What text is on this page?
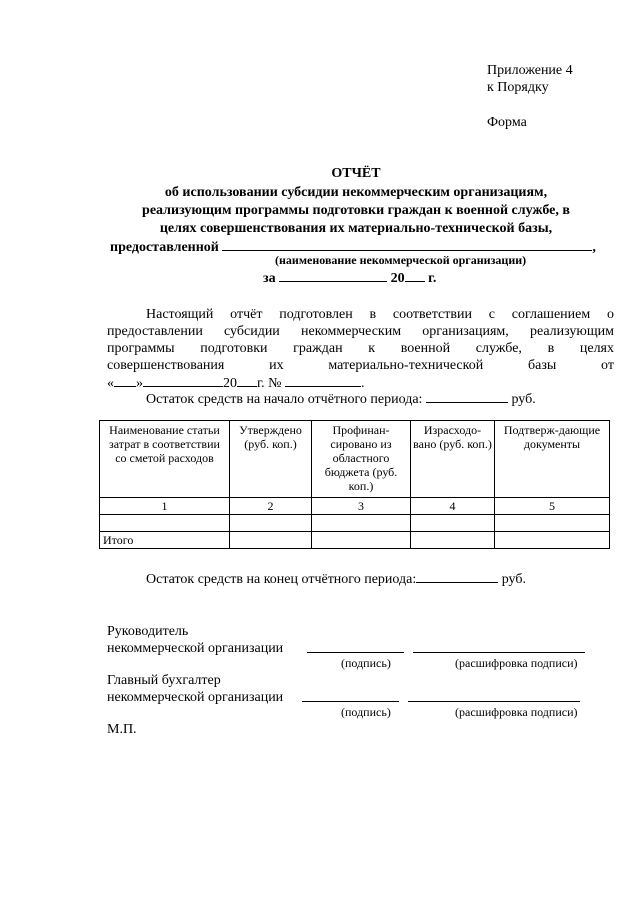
Приложение 4
к Порядку
Форма
ОТЧЁТ
об использовании субсидии некоммерческим организациям,
реализующим программы подготовки граждан к военной службе, в
целях совершенствования их материально-технической базы,
предоставленной	,
(наименование некоммерческой организации)
за	20 г.
Настоящий отчёт подготовлен в соответствии с соглашением о
предоставлении субсидии некоммерческим организациям, реализующим
программы подготовки граждан к военной службе, в целях
совершенствования их материально-технической базы от
« »	20 г. №	.
Остаток средств на начало отчётного периода:	руб.
Наименование статьи затрат в соответствии со сметой расходов	Утверждено (руб. коп.)	Профинан-сировано из областного бюджета (руб. коп.)	Израсходо-вано (руб. коп.)	Подтверж-дающие документы
1	2	3	4	5

Итого				
Остаток средств на конец отчётного периода:	руб.
Руководитель
некоммерческой организации
(подпись)	(расшифровка подписи)
Главный бухгалтер
некоммерческой организации
(подпись)	(расшифровка подписи)
М.П.
